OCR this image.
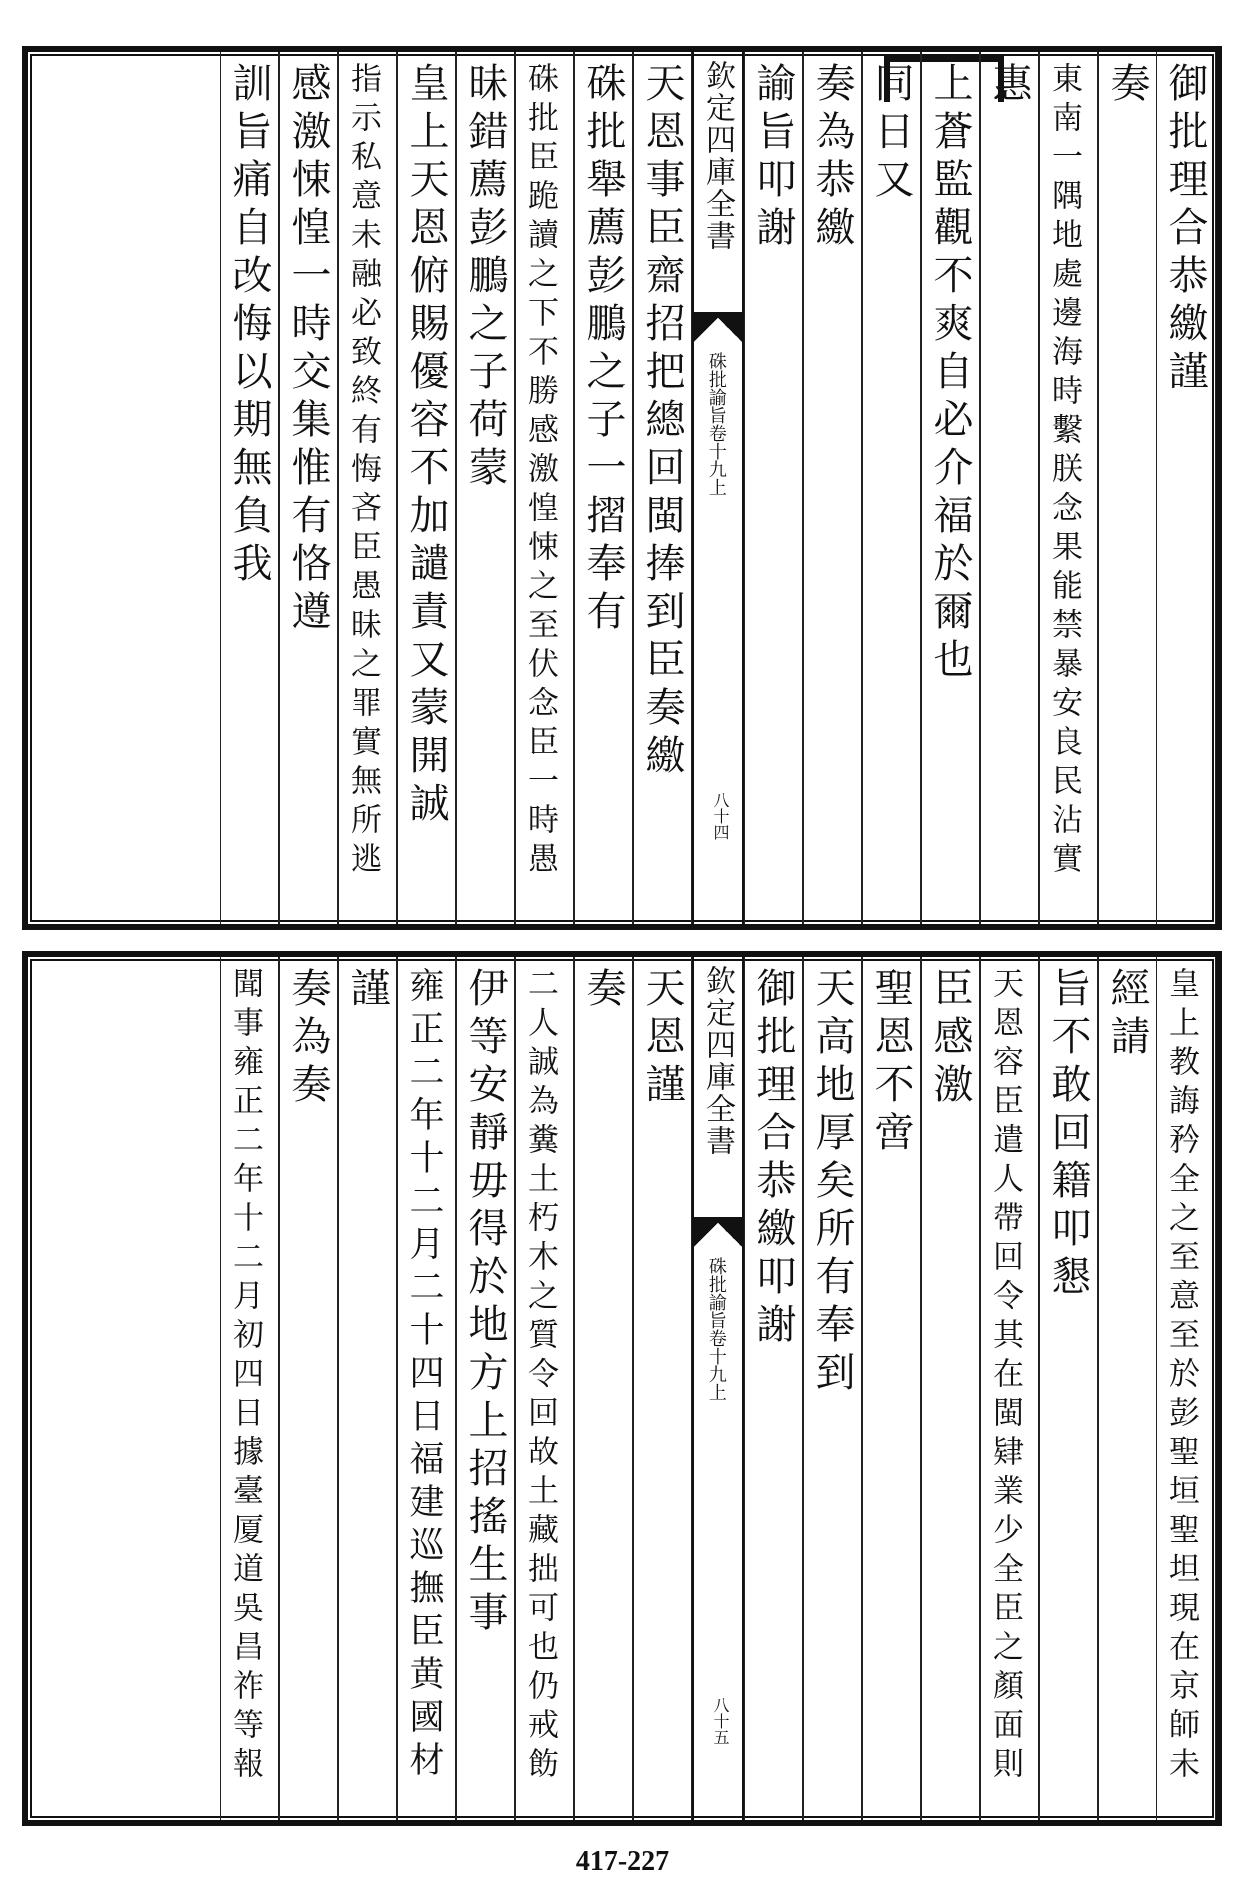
御批理合恭繳謹
奏
東南一隅地處邊海時繫朕念果能禁暴安良民沾實
惠
上蒼監觀不爽自必介福於爾也
同日又
奏為恭繳
諭旨叩謝
欽定四庫全書
硃批諭旨卷十九上
八十四
天恩事臣齋招把總回閩捧到臣奏繳
硃批舉薦彭鵬之子一摺奉有
硃批臣跪讀之下不勝感激惶悚之至伏念臣一時愚
昧錯薦彭鵬之子荷蒙
皇上天恩俯賜優容不加譴責又蒙開誠
指示私意未融必致終有悔吝臣愚昧之罪實無所逃
感激悚惶一時交集惟有恪遵
訓旨痛自改悔以期無負我
皇上教誨矜全之至意至於彭聖垣聖坦現在京師未
經請
旨不敢回籍叩懇
天恩容臣遣人帶回令其在閩肄業少全臣之顏面則
臣感激
聖恩不啻
天高地厚矣所有奉到
御批理合恭繳叩謝
欽定四庫全書
硃批諭旨卷十九上
八十五
天恩謹
奏
二人誠為糞土朽木之質令回故土藏拙可也仍戒飭
伊等安靜毋得於地方上招搖生事
雍正二年十二月二十四日福建巡撫臣黄國材
謹
奏為奏
聞事雍正二年十二月初四日據臺厦道吳昌祚等報
417-227
